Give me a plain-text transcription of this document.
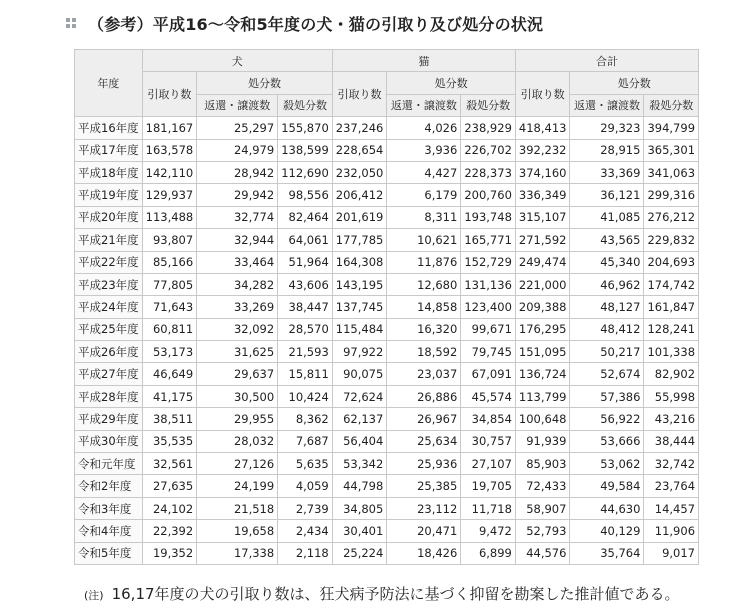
（参考）平成16〜令和5年度の犬・猫の引取り及び処分の状況
年度	犬			猫			合計		
	引取り数	処分数		引取り数	処分数		引取り数	処分数	
		返還・譲渡数	殺処分数		返還・譲渡数	殺処分数		返還・譲渡数	殺処分数
平成16年度	181,167	25,297	155,870	237,246	4,026	238,929	418,413	29,323	394,799
平成17年度	163,578	24,979	138,599	228,654	3,936	226,702	392,232	28,915	365,301
平成18年度	142,110	28,942	112,690	232,050	4,427	228,373	374,160	33,369	341,063
平成19年度	129,937	29,942	98,556	206,412	6,179	200,760	336,349	36,121	299,316
平成20年度	113,488	32,774	82,464	201,619	8,311	193,748	315,107	41,085	276,212
平成21年度	93,807	32,944	64,061	177,785	10,621	165,771	271,592	43,565	229,832
平成22年度	85,166	33,464	51,964	164,308	11,876	152,729	249,474	45,340	204,693
平成23年度	77,805	34,282	43,606	143,195	12,680	131,136	221,000	46,962	174,742
平成24年度	71,643	33,269	38,447	137,745	14,858	123,400	209,388	48,127	161,847
平成25年度	60,811	32,092	28,570	115,484	16,320	99,671	176,295	48,412	128,241
平成26年度	53,173	31,625	21,593	97,922	18,592	79,745	151,095	50,217	101,338
平成27年度	46,649	29,637	15,811	90,075	23,037	67,091	136,724	52,674	82,902
平成28年度	41,175	30,500	10,424	72,624	26,886	45,574	113,799	57,386	55,998
平成29年度	38,511	29,955	8,362	62,137	26,967	34,854	100,648	56,922	43,216
平成30年度	35,535	28,032	7,687	56,404	25,634	30,757	91,939	53,666	38,444
令和元年度	32,561	27,126	5,635	53,342	25,936	27,107	85,903	53,062	32,742
令和2年度	27,635	24,199	4,059	44,798	25,385	19,705	72,433	49,584	23,764
令和3年度	24,102	21,518	2,739	34,805	23,112	11,718	58,907	44,630	14,457
令和4年度	22,392	19,658	2,434	30,401	20,471	9,472	52,793	40,129	11,906
令和5年度	19,352	17,338	2,118	25,224	18,426	6,899	44,576	35,764	9,017
(注) 16,17年度の犬の引取り数は、狂犬病予防法に基づく抑留を勘案した推計値である。
